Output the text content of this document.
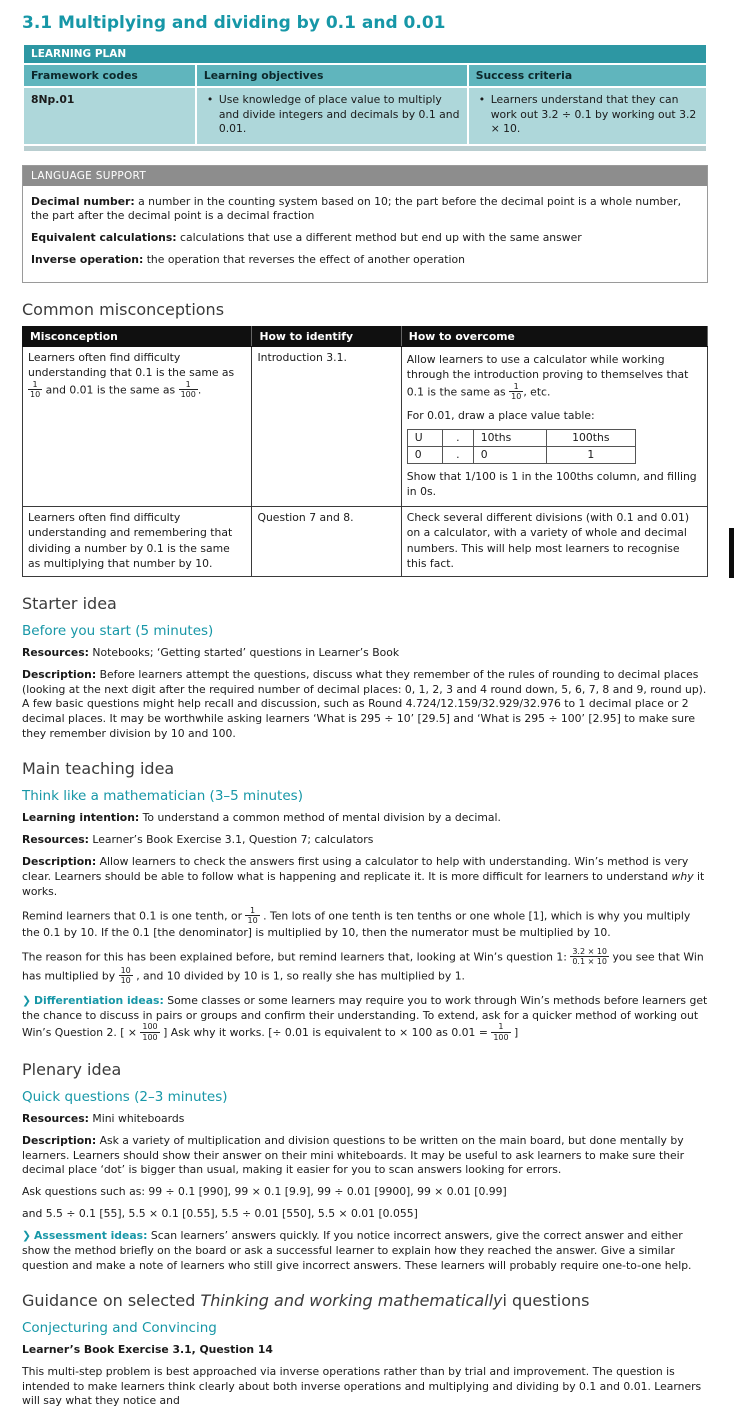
3.1 Multiplying and dividing by 0.1 and 0.01
LEARNING PLAN		
Framework codes	Learning objectives	Success criteria
8Np.01	• Use knowledge of place value to multiply and divide integers and decimals by 0.1 and 0.01.	• Learners understand that they can work out 3.2 ÷ 0.1 by working out 3.2 × 10.

LANGUAGE SUPPORT

Decimal number: a number in the counting system based on 10; the part before the decimal point is a whole number, the part after the decimal point is a decimal fraction

Equivalent calculations: calculations that use a different method but end up with the same answer

Inverse operation: the operation that reverses the effect of another operation

Common misconceptions
Misconception	How to identify	How to overcome
Learners often find difficulty understanding that 0.1 is the same as
$\frac{1}{10}$ and 0.01 is the same as $\frac{1}{100}$ .	Introduction 3.1.	Allow learners to use a calculator while working through the introduction proving to themselves that 0.1 is the same as $\frac{1}{10}$ , etc.

For 0.01, draw a place value table:

U	.	10ths	100ths
0	.	0	1

Show that 1/100 is 1 in the 100ths column, and filling in 0s.

Learners often find difficulty understanding and remembering that dividing a number by 0.1 is the same as multiplying that number by 10.	Question 7 and 8.	Check several different divisions (with 0.1 and 0.01) on a calculator, with a variety of whole and decimal numbers. This will help most learners to recognise this fact.
Starter idea
Before you start (5 minutes)

Resources: Notebooks; ‘Getting started’ questions in Learner’s Book

Description: Before learners attempt the questions, discuss what they remember of the rules of rounding to decimal places (looking at the next digit after the required number of decimal places: 0, 1, 2, 3 and 4 round down, 5, 6, 7, 8 and 9, round up). A few basic questions might help recall and discussion, such as Round 4.724/12.159/32.929/32.976 to 1 decimal place or 2 decimal places. It may be worthwhile asking learners ‘What is 295 ÷ 10’ [29.5] and ‘What is 295 ÷ 100’ [2.95] to make sure they remember division by 10 and 100.

Main teaching idea
Think like a mathematician (3–5 minutes)

Learning intention: To understand a common method of mental division by a decimal.

Resources: Learner’s Book Exercise 3.1, Question 7; calculators

Description: Allow learners to check the answers first using a calculator to help with understanding. Win’s method is very clear. Learners should be able to follow what is happening and replicate it. It is more difficult for learners to understand why it works.

Remind learners that 0.1 is one tenth, or $\frac{1}{10}$ . Ten lots of one tenth is ten tenths or one whole [1], which is why you multiply the 0.1 by 10. If the 0.1 [the denominator] is multiplied by 10, then the numerator must be multiplied by 10.

The reason for this has been explained before, but remind learners that, looking at Win’s question 1: $\frac{3.2 \times 10}{0.1 \times 10}$ you see that Win has multiplied by $\frac{10}{10}$ , and 10 divided by 10 is 1, so really she has multiplied by 1.

❯ Differentiation ideas: Some classes or some learners may require you to work through Win’s methods before learners get the chance to discuss in pairs or groups and confirm their understanding. To extend, ask for a quicker method of working out Win’s Question 2. [ × $\frac{100}{100}$ ] Ask why it works. [÷ 0.01 is equivalent to × 100 as $0.01 = \frac{1}{100}$ ]

Plenary idea
Quick questions (2–3 minutes)

Resources: Mini whiteboards

Description: Ask a variety of multiplication and division questions to be written on the main board, but done mentally by learners. Learners should show their answer on their mini whiteboards. It may be useful to ask learners to make sure their decimal place ‘dot’ is bigger than usual, making it easier for you to scan answers looking for errors.

Ask questions such as: 99 ÷ 0.1 [990], 99 × 0.1 [9.9], 99 ÷ 0.01 [9900], 99 × 0.01 [0.99]

and 5.5 ÷ 0.1 [55], 5.5 × 0.1 [0.55], 5.5 ÷ 0.01 [550], 5.5 × 0.01 [0.055]

❯ Assessment ideas: Scan learners’ answers quickly. If you notice incorrect answers, give the correct answer and either show the method briefly on the board or ask a successful learner to explain how they reached the answer. Give a similar question and make a note of learners who still give incorrect answers. These learners will probably require one-to-one help.

Guidance on selected Thinking and working mathematicallyi questions
Conjecturing and Convincing

Learner’s Book Exercise 3.1, Question 14

This multi-step problem is best approached via inverse operations rather than by trial and improvement. The question is intended to make learners think clearly about both inverse operations and multiplying and dividing by 0.1 and 0.01. Learners will say what they notice and
